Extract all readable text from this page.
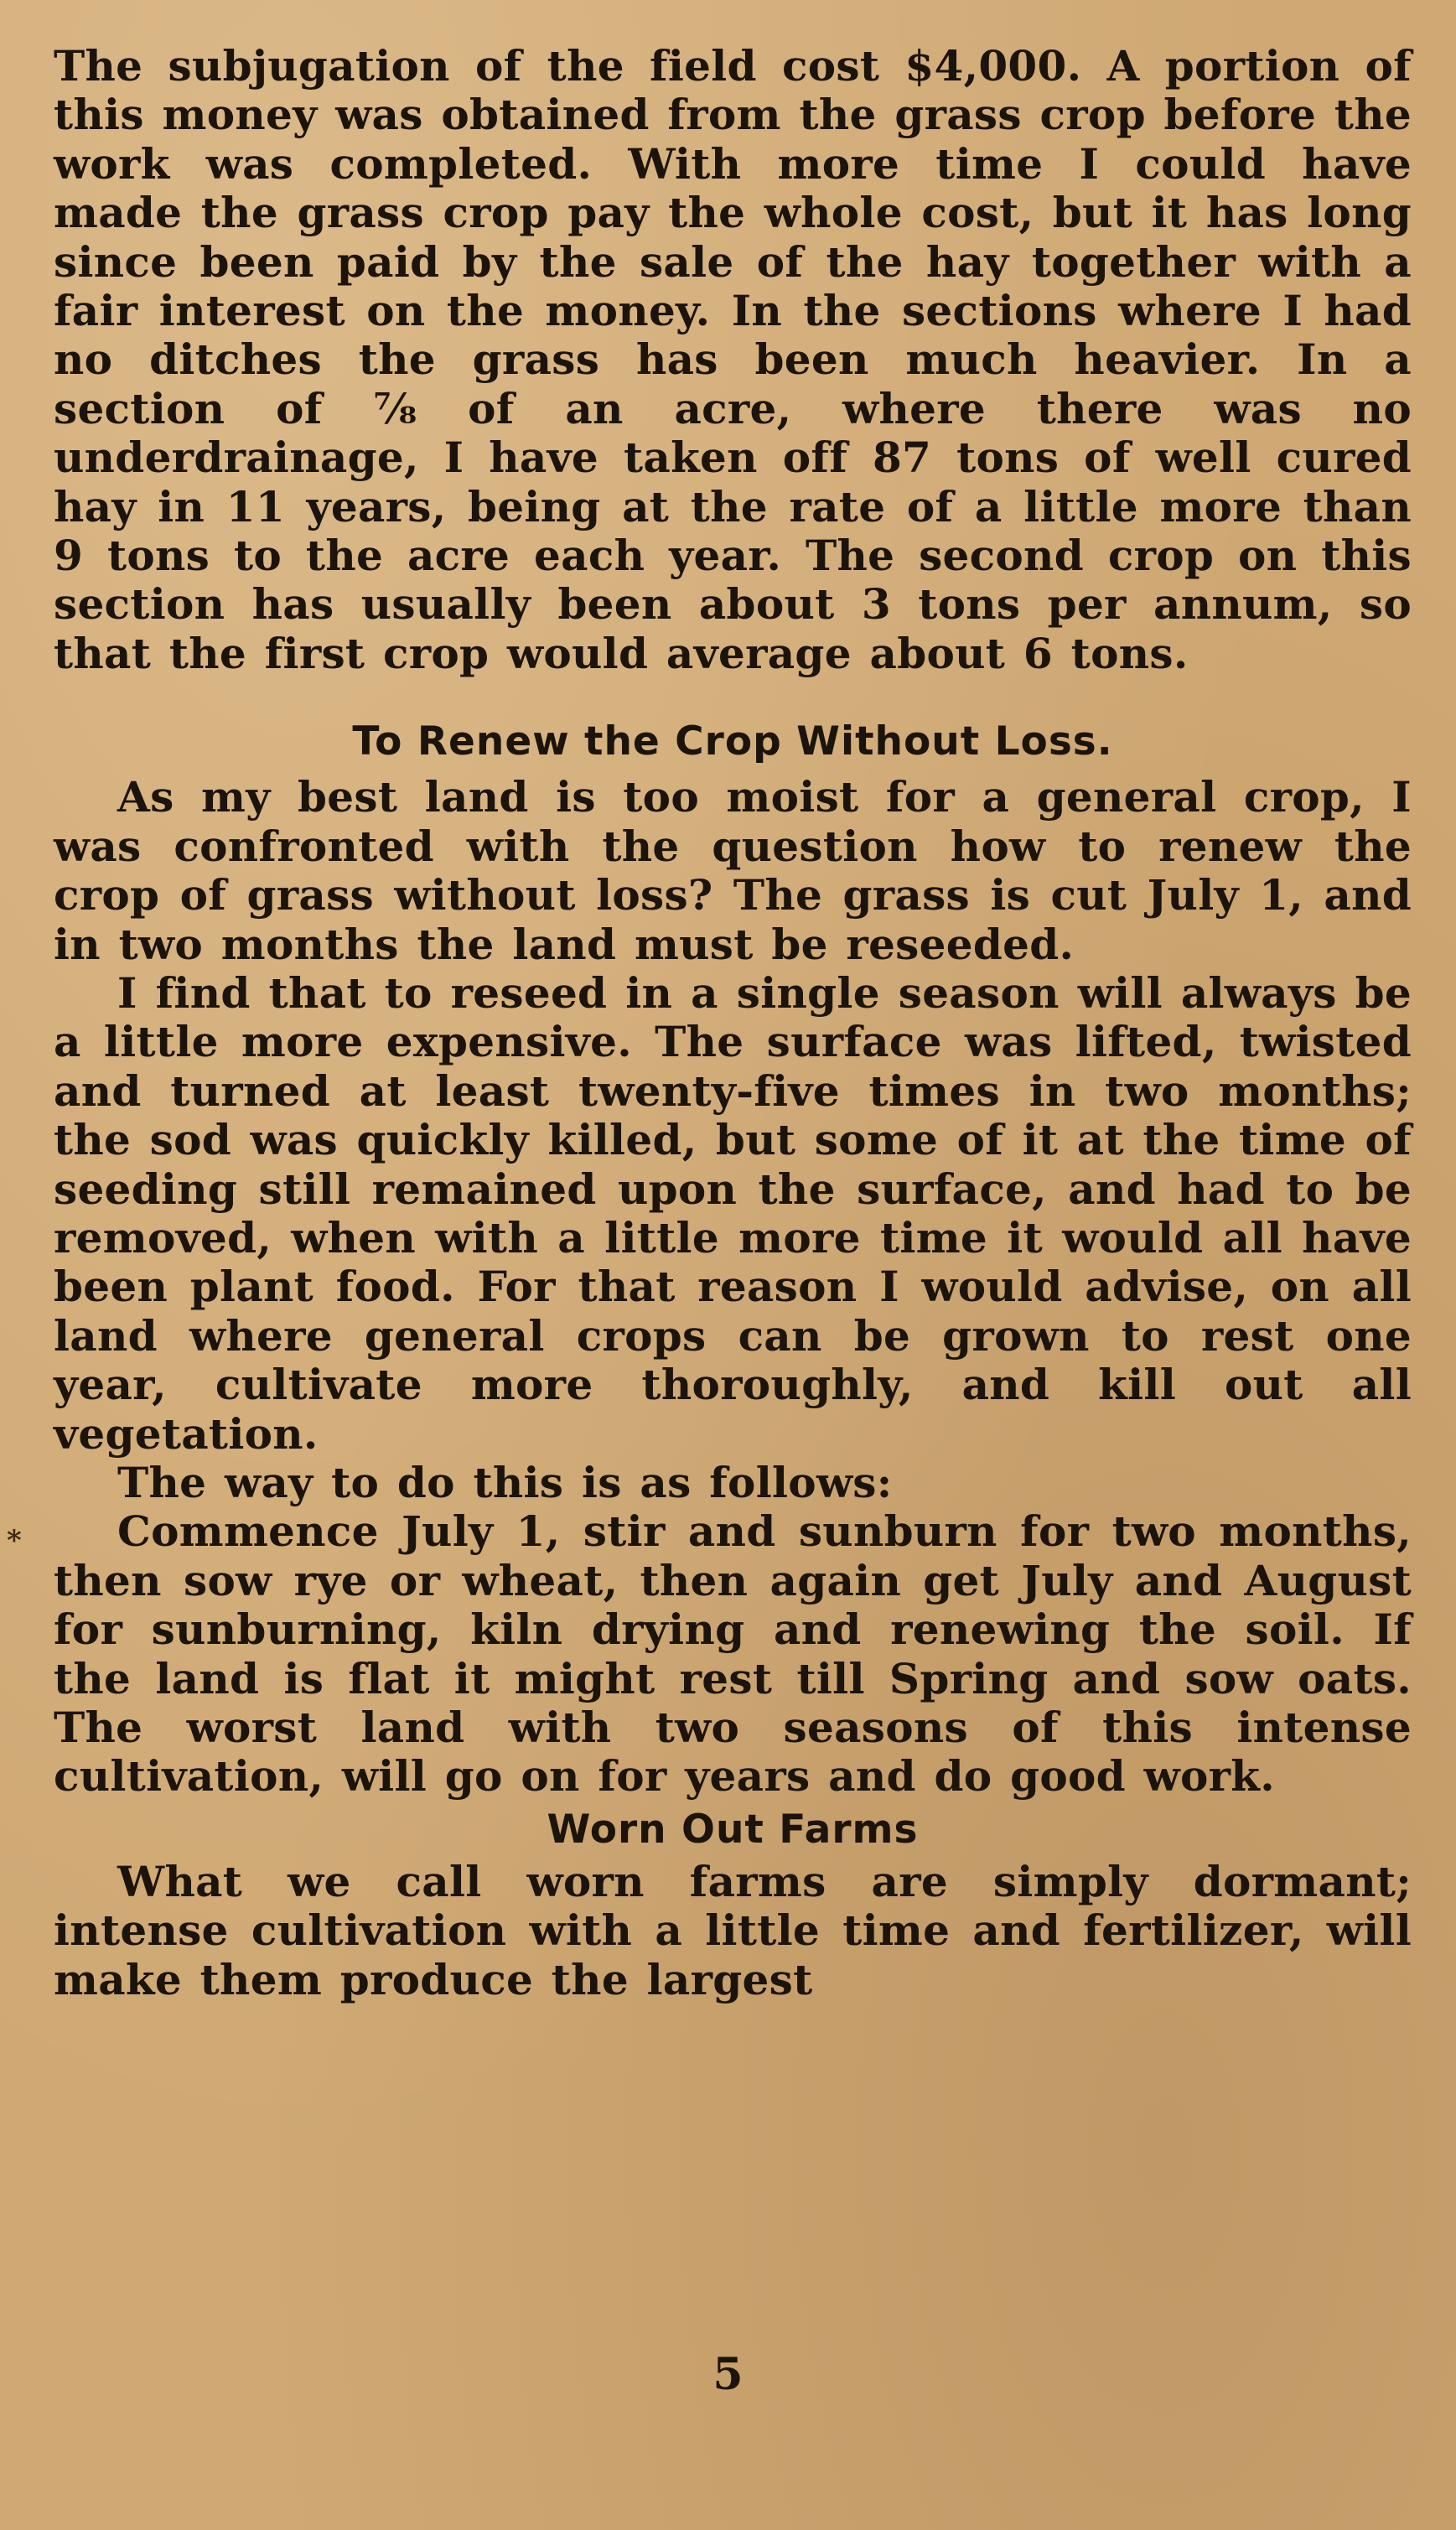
The subjugation of the field cost $4,000. A portion of this money was obtained from the grass crop before the work was completed. With more time I could have made the grass crop pay the whole cost, but it has long since been paid by the sale of the hay together with a fair interest on the money. In the sections where I had no ditches the grass has been much heavier. In a section of ⅞ of an acre, where there was no underdrainage, I have taken off 87 tons of well cured hay in 11 years, being at the rate of a little more than 9 tons to the acre each year. The second crop on this section has usually been about 3 tons per annum, so that the first crop would average about 6 tons.

To Renew the Crop Without Loss.

As my best land is too moist for a general crop, I was confronted with the question how to renew the crop of grass without loss? The grass is cut July 1, and in two months the land must be reseeded.

I find that to reseed in a single season will always be a little more expensive. The surface was lifted, twisted and turned at least twenty-five times in two months; the sod was quickly killed, but some of it at the time of seeding still remained upon the surface, and had to be removed, when with a little more time it would all have been plant food. For that reason I would advise, on all land where general crops can be grown to rest one year, cultivate more thoroughly, and kill out all vegetation.

The way to do this is as follows:

Commence July 1, stir and sunburn for two months, then sow rye or wheat, then again get July and August for sunburning, kiln drying and renewing the soil. If the land is flat it might rest till Spring and sow oats. The worst land with two seasons of this intense cultivation, will go on for years and do good work.

Worn Out Farms

What we call worn farms are simply dormant; intense cultivation with a little time and fertilizer, will make them produce the largest

*
5
